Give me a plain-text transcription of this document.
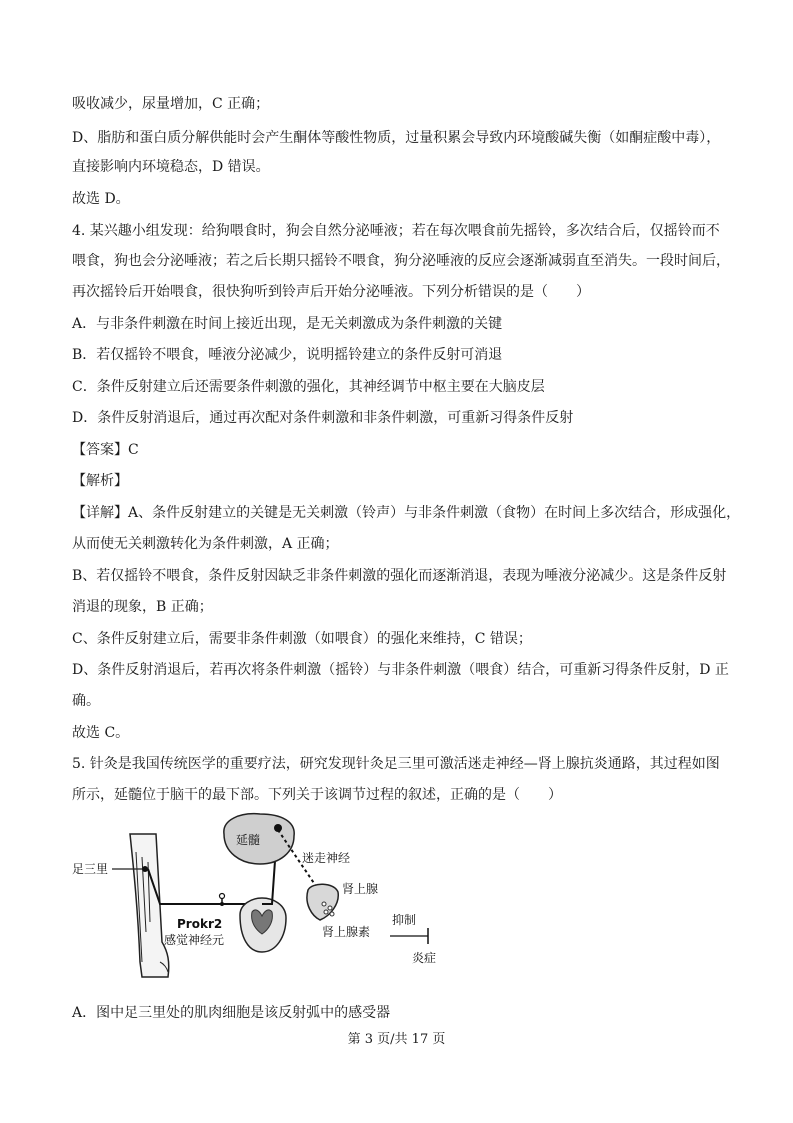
吸收减少，尿量增加，C 正确；
D、脂肪和蛋白质分解供能时会产生酮体等酸性物质，过量积累会导致内环境酸碱失衡（如酮症酸中毒），
直接影响内环境稳态，D 错误。
故选 D。
4. 某兴趣小组发现：给狗喂食时，狗会自然分泌唾液；若在每次喂食前先摇铃，多次结合后，仅摇铃而不
喂食，狗也会分泌唾液；若之后长期只摇铃不喂食，狗分泌唾液的反应会逐渐减弱直至消失。一段时间后，
再次摇铃后开始喂食，很快狗听到铃声后开始分泌唾液。下列分析错误的是（　　）
A．与非条件刺激在时间上接近出现，是无关刺激成为条件刺激的关键
B．若仅摇铃不喂食，唾液分泌减少，说明摇铃建立的条件反射可消退
C．条件反射建立后还需要条件刺激的强化，其神经调节中枢主要在大脑皮层
D．条件反射消退后，通过再次配对条件刺激和非条件刺激，可重新习得条件反射
【答案】C
【解析】
【详解】A、条件反射建立的关键是无关刺激（铃声）与非条件刺激（食物）在时间上多次结合，形成强化，
从而使无关刺激转化为条件刺激，A 正确；
B、若仅摇铃不喂食，条件反射因缺乏非条件刺激的强化而逐渐消退，表现为唾液分泌减少。这是条件反射
消退的现象，B 正确；
C、条件反射建立后，需要非条件刺激（如喂食）的强化来维持，C 错误；
D、条件反射消退后，若再次将条件刺激（摇铃）与非条件刺激（喂食）结合，可重新习得条件反射，D 正
确。
故选 C。
5. 针灸是我国传统医学的重要疗法，研究发现针灸足三里可激活迷走神经—肾上腺抗炎通路，其过程如图
所示，延髓位于脑干的最下部。下列关于该调节过程的叙述，正确的是（　　）
延髓
迷走神经
肾上腺
肾上腺素
抑制
炎症
足三里
Prokr2
感觉神经元
A．图中足三里处的肌肉细胞是该反射弧中的感受器
第 3 页/共 17 页
